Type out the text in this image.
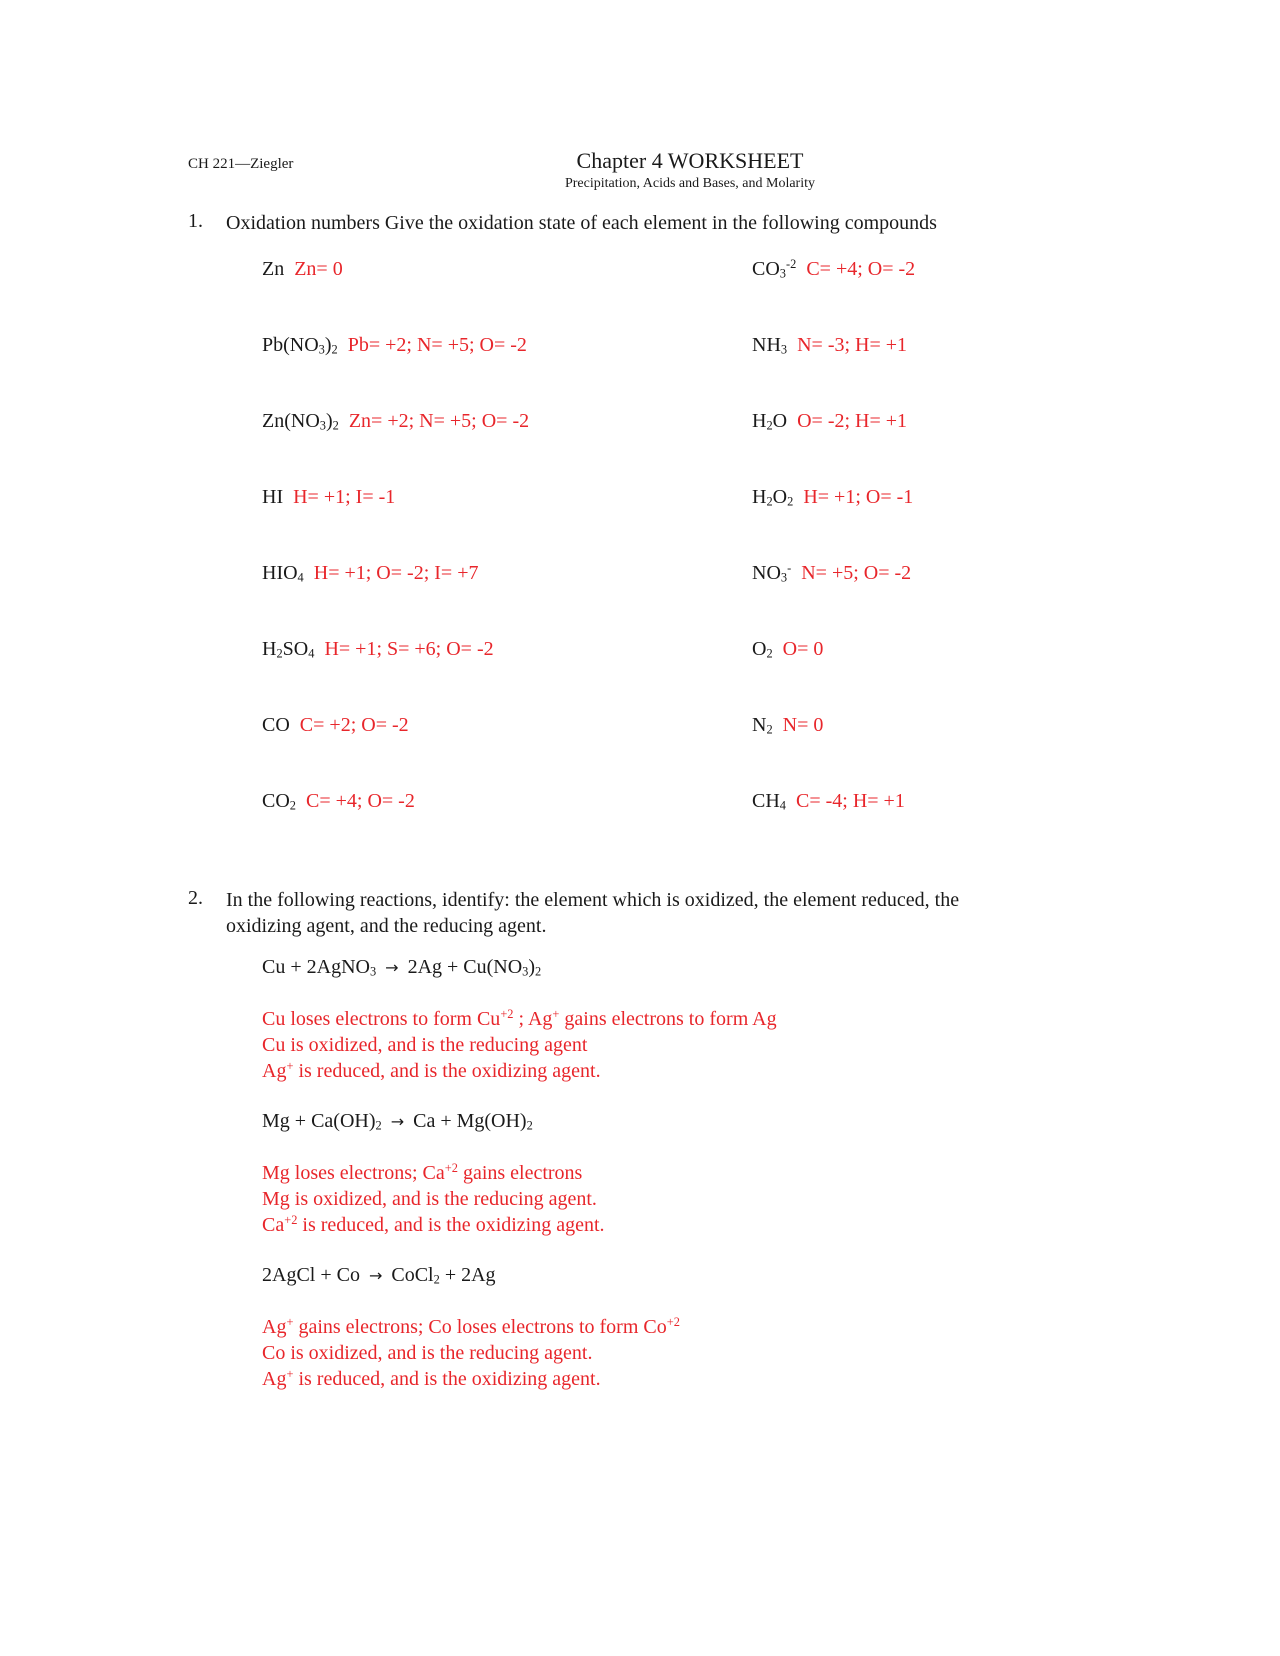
CH 221—Ziegler	Chapter 4 WORKSHEET
Precipitation, Acids and Bases, and Molarity
1. Oxidation numbers Give the oxidation state of each element in the following compounds
Zn Zn= 0
$Pb(NO_3)_2$ Pb= +2; N= +5; O= -2
$Zn(NO_3)_2$ Zn= +2; N= +5; O= -2
HI H= +1; I= -1
$HIO_4$ H= +1; O= -2; I= +7
$H_2SO_4$ H= +1; S= +6; O= -2
CO C= +2; O= -2
$CO_2$ C= +4; O= -2
$CO_3^{-2}$ C= +4; O= -2
$NH_3$ N= -3; H= +1
$H_2O$ O= -2; H= +1
$H_2O_2$ H= +1; O= -1
$NO_3^-$ N= +5; O= -2
$O_2$ O= 0
$N_2$ N= 0
$CH_4$ C= -4; H= +1
2. In the following reactions, identify: the element which is oxidized, the element reduced, the
oxidizing agent, and the reducing agent.
Cu + 2AgNO$_3$ → $2Ag + Cu(NO_3)_2$
Cu loses electrons to form $Cu^{+2}$ ; Ag+ gains electrons to form Ag
Cu is oxidized, and is the reducing agent
Ag+ is reduced, and is the oxidizing agent.
$Mg + Ca(OH)_2 \to Ca + Mg(OH)_2$
Mg loses electrons; $Ca^{+2}$ gains electrons
Mg is oxidized, and is the reducing agent.
$Ca^{+2}$ is reduced, and is the oxidizing agent.
2AgCl + Co → CoCl$_2$ + 2Ag
Ag+ gains electrons; Co loses electrons to form $Co^{+2}$
Co is oxidized, and is the reducing agent.
Ag+ is reduced, and is the oxidizing agent.
